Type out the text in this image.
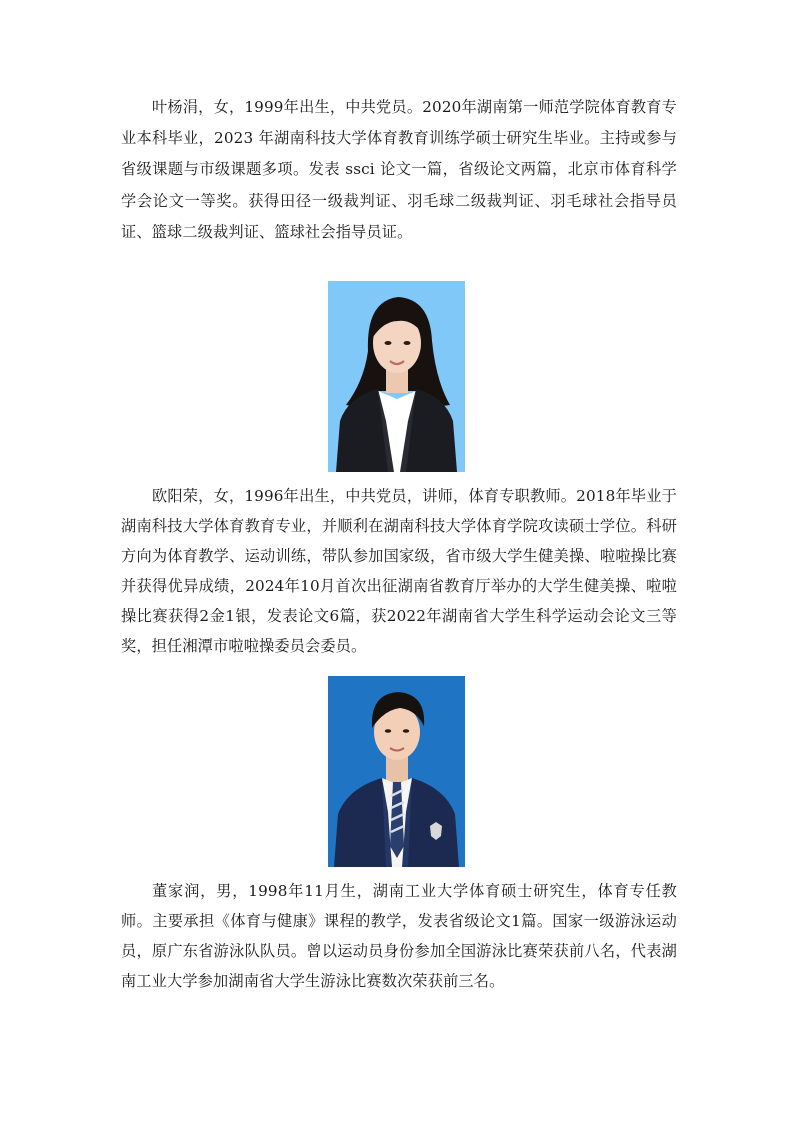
叶杨涓，女，1999年出生，中共党员。2020年湖南第一师范学院体育教育专业本科毕业，2023 年湖南科技大学体育教育训练学硕士研究生毕业。主持或参与省级课题与市级课题多项。发表 ssci 论文一篇，省级论文两篇，北京市体育科学学会论文一等奖。获得田径一级裁判证、羽毛球二级裁判证、羽毛球社会指导员证、篮球二级裁判证、篮球社会指导员证。

欧阳荣，女，1996年出生，中共党员，讲师，体育专职教师。2018年毕业于湖南科技大学体育教育专业，并顺利在湖南科技大学体育学院攻读硕士学位。科研方向为体育教学、运动训练，带队参加国家级，省市级大学生健美操、啦啦操比赛并获得优异成绩，2024年10月首次出征湖南省教育厅举办的大学生健美操、啦啦操比赛获得2金1银，发表论文6篇，获2022年湖南省大学生科学运动会论文三等奖，担任湘潭市啦啦操委员会委员。

董家润，男，1998年11月生，湖南工业大学体育硕士研究生，体育专任教师。主要承担《体育与健康》课程的教学，发表省级论文1篇。国家一级游泳运动员，原广东省游泳队队员。曾以运动员身份参加全国游泳比赛荣获前八名，代表湖南工业大学参加湖南省大学生游泳比赛数次荣获前三名。
